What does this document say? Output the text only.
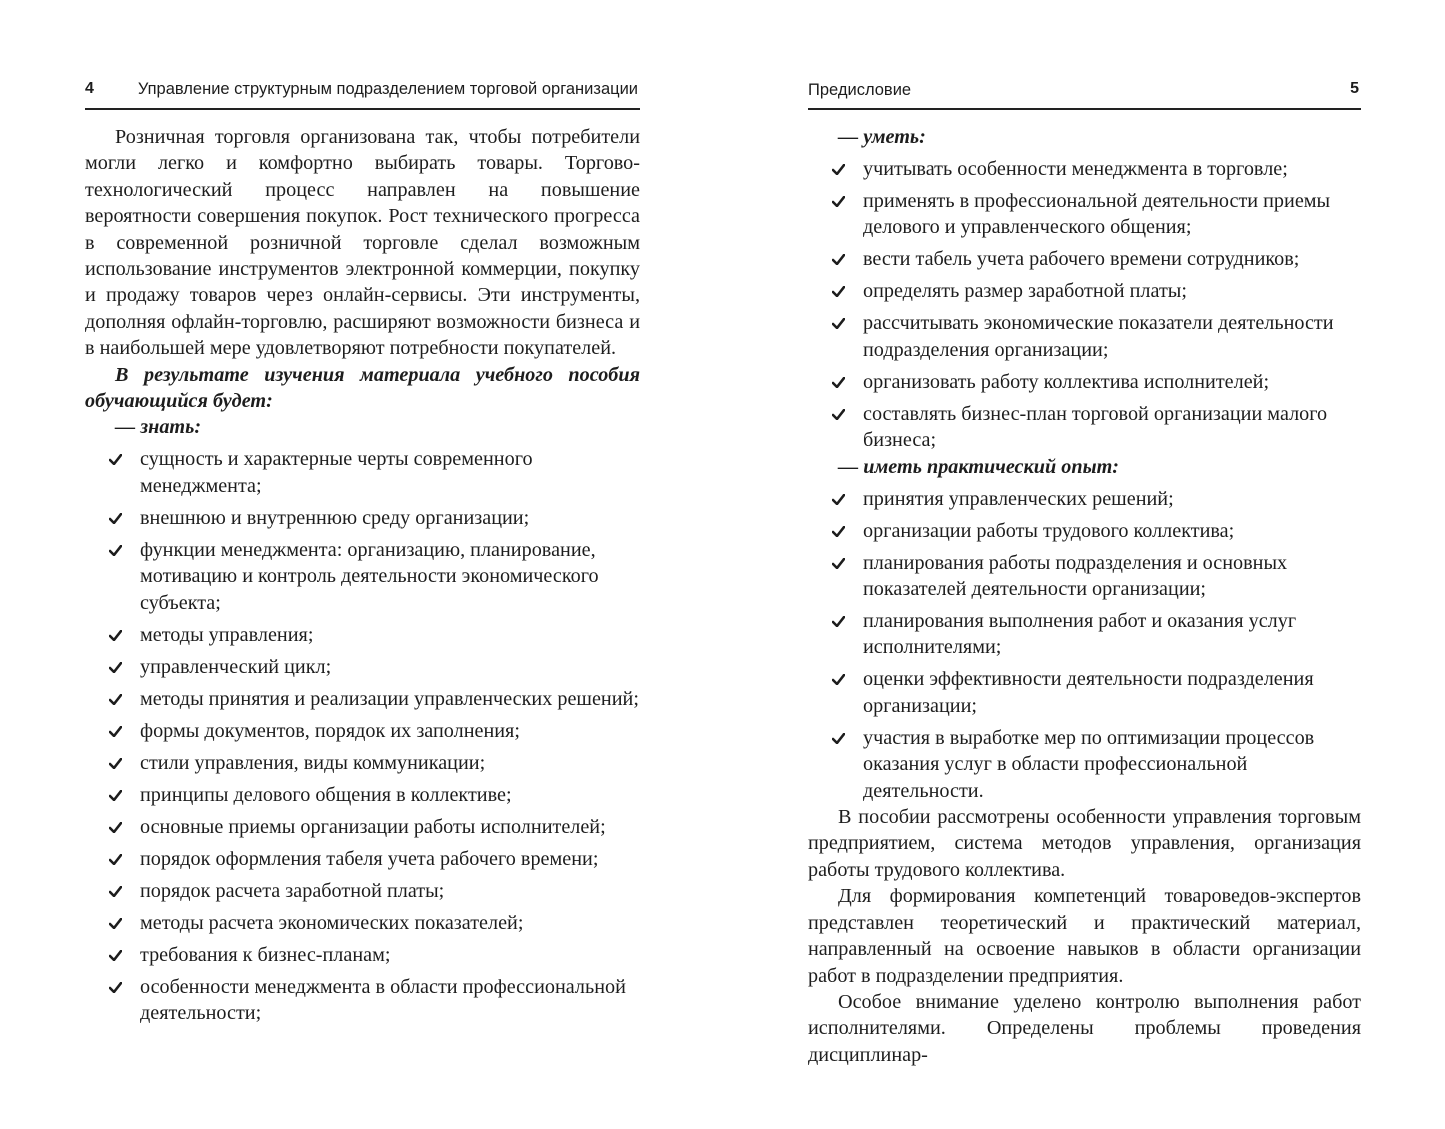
4	Управление структурным подразделением торговой организации

Розничная торговля организована так, чтобы потребители могли легко и комфортно выбирать товары. Торгово-технологический процесс направлен на повышение вероятности совершения покупок. Рост технического прогресса в современной розничной торговле сделал возможным использование инструментов электронной коммерции, покупку и продажу товаров через онлайн-сервисы. Эти инструменты, дополняя офлайн-торговлю, расширяют возможности бизнеса и в наибольшей мере удовлетворяют потребности покупателей.

В результате изучения материала учебного пособия обучающийся будет:

— знать:

сущность и характерные черты современного менеджмента;
внешнюю и внутреннюю среду организации;
функции менеджмента: организацию, планирование, мотивацию и контроль деятельности экономического субъекта;
методы управления;
управленческий цикл;
методы принятия и реализации управленческих решений;
формы документов, порядок их заполнения;
стили управления, виды коммуникации;
принципы делового общения в коллективе;
основные приемы организации работы исполнителей;
порядок оформления табеля учета рабочего времени;
порядок расчета заработной платы;
методы расчета экономических показателей;
требования к бизнес-планам;
особенности менеджмента в области профессиональной деятельности;
Предисловие	5

— уметь:

учитывать особенности менеджмента в торговле;
применять в профессиональной деятельности приемы делового и управленческого общения;
вести табель учета рабочего времени сотрудников;
определять размер заработной платы;
рассчитывать экономические показатели деятельности подразделения организации;
организовать работу коллектива исполнителей;
составлять бизнес-план торговой организации малого бизнеса;

— иметь практический опыт:

принятия управленческих решений;
организации работы трудового коллектива;
планирования работы подразделения и основных показателей деятельности организации;
планирования выполнения работ и оказания услуг исполнителями;
оценки эффективности деятельности подразделения организации;
участия в выработке мер по оптимизации процессов оказания услуг в области профессиональной деятельности.

В пособии рассмотрены особенности управления торговым предприятием, система методов управления, организация работы трудового коллектива.

Для формирования компетенций товароведов-экспертов представлен теоретический и практический материал, направленный на освоение навыков в области организации работ в подразделении предприятия.

Особое внимание уделено контролю выполнения работ исполнителями. Определены проблемы проведения дисциплинар-
